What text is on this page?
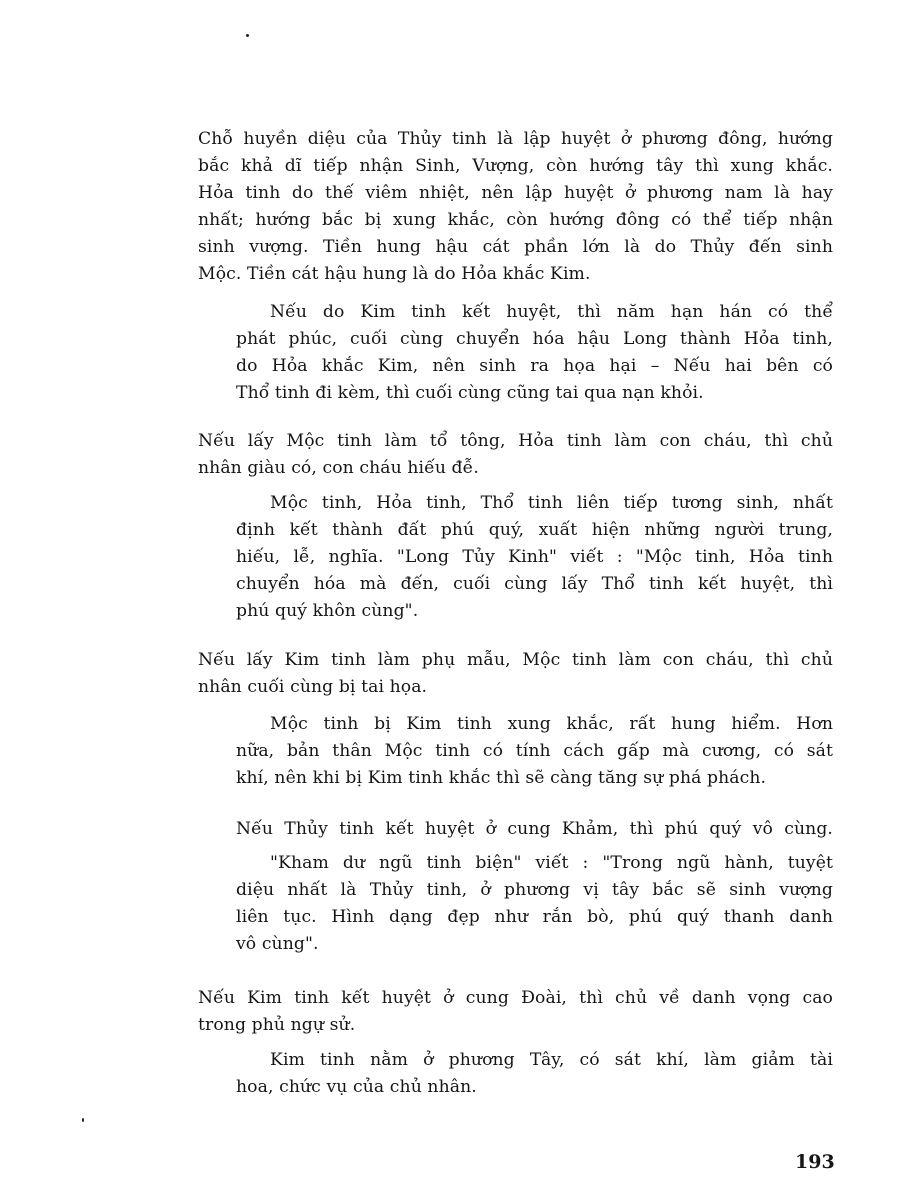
Chỗ huyền diệu của Thủy tinh là lập huyệt ở phương đông, hướng
bắc khả dĩ tiếp nhận Sinh, Vượng, còn hướng tây thì xung khắc.
Hỏa tinh do thế viêm nhiệt, nên lập huyệt ở phương nam là hay
nhất; hướng bắc bị xung khắc, còn hướng đông có thể tiếp nhận
sinh vượng. Tiền hung hậu cát phần lớn là do Thủy đến sinh
Mộc. Tiền cát hậu hung là do Hỏa khắc Kim.
Nếu do Kim tinh kết huyệt, thì năm hạn hán có thể
phát phúc, cuối cùng chuyển hóa hậu Long thành Hỏa tinh,
do Hỏa khắc Kim, nên sinh ra họa hại – Nếu hai bên có
Thổ tinh đi kèm, thì cuối cùng cũng tai qua nạn khỏi.
Nếu lấy Mộc tinh làm tổ tông, Hỏa tinh làm con cháu, thì chủ
nhân giàu có, con cháu hiếu đễ.
Mộc tinh, Hỏa tinh, Thổ tinh liên tiếp tương sinh, nhất
định kết thành đất phú quý, xuất hiện những người trung,
hiếu, lễ, nghĩa. "Long Tủy Kinh" viết : "Mộc tinh, Hỏa tinh
chuyển hóa mà đến, cuối cùng lấy Thổ tinh kết huyệt, thì
phú quý khôn cùng".
Nếu lấy Kim tinh làm phụ mẫu, Mộc tinh làm con cháu, thì chủ
nhân cuối cùng bị tai họa.
Mộc tinh bị Kim tinh xung khắc, rất hung hiểm. Hơn
nữa, bản thân Mộc tinh có tính cách gấp mà cương, có sát
khí, nên khi bị Kim tinh khắc thì sẽ càng tăng sự phá phách.
Nếu Thủy tinh kết huyệt ở cung Khảm, thì phú quý vô cùng.
"Kham dư ngũ tinh biện" viết : "Trong ngũ hành, tuyệt
diệu nhất là Thủy tinh, ở phương vị tây bắc sẽ sinh vượng
liên tục. Hình dạng đẹp như rắn bò, phú quý thanh danh
vô cùng".
Nếu Kim tinh kết huyệt ở cung Đoài, thì chủ về danh vọng cao
trong phủ ngự sử.
Kim tinh nằm ở phương Tây, có sát khí, làm giảm tài
hoa, chức vụ của chủ nhân.
193
